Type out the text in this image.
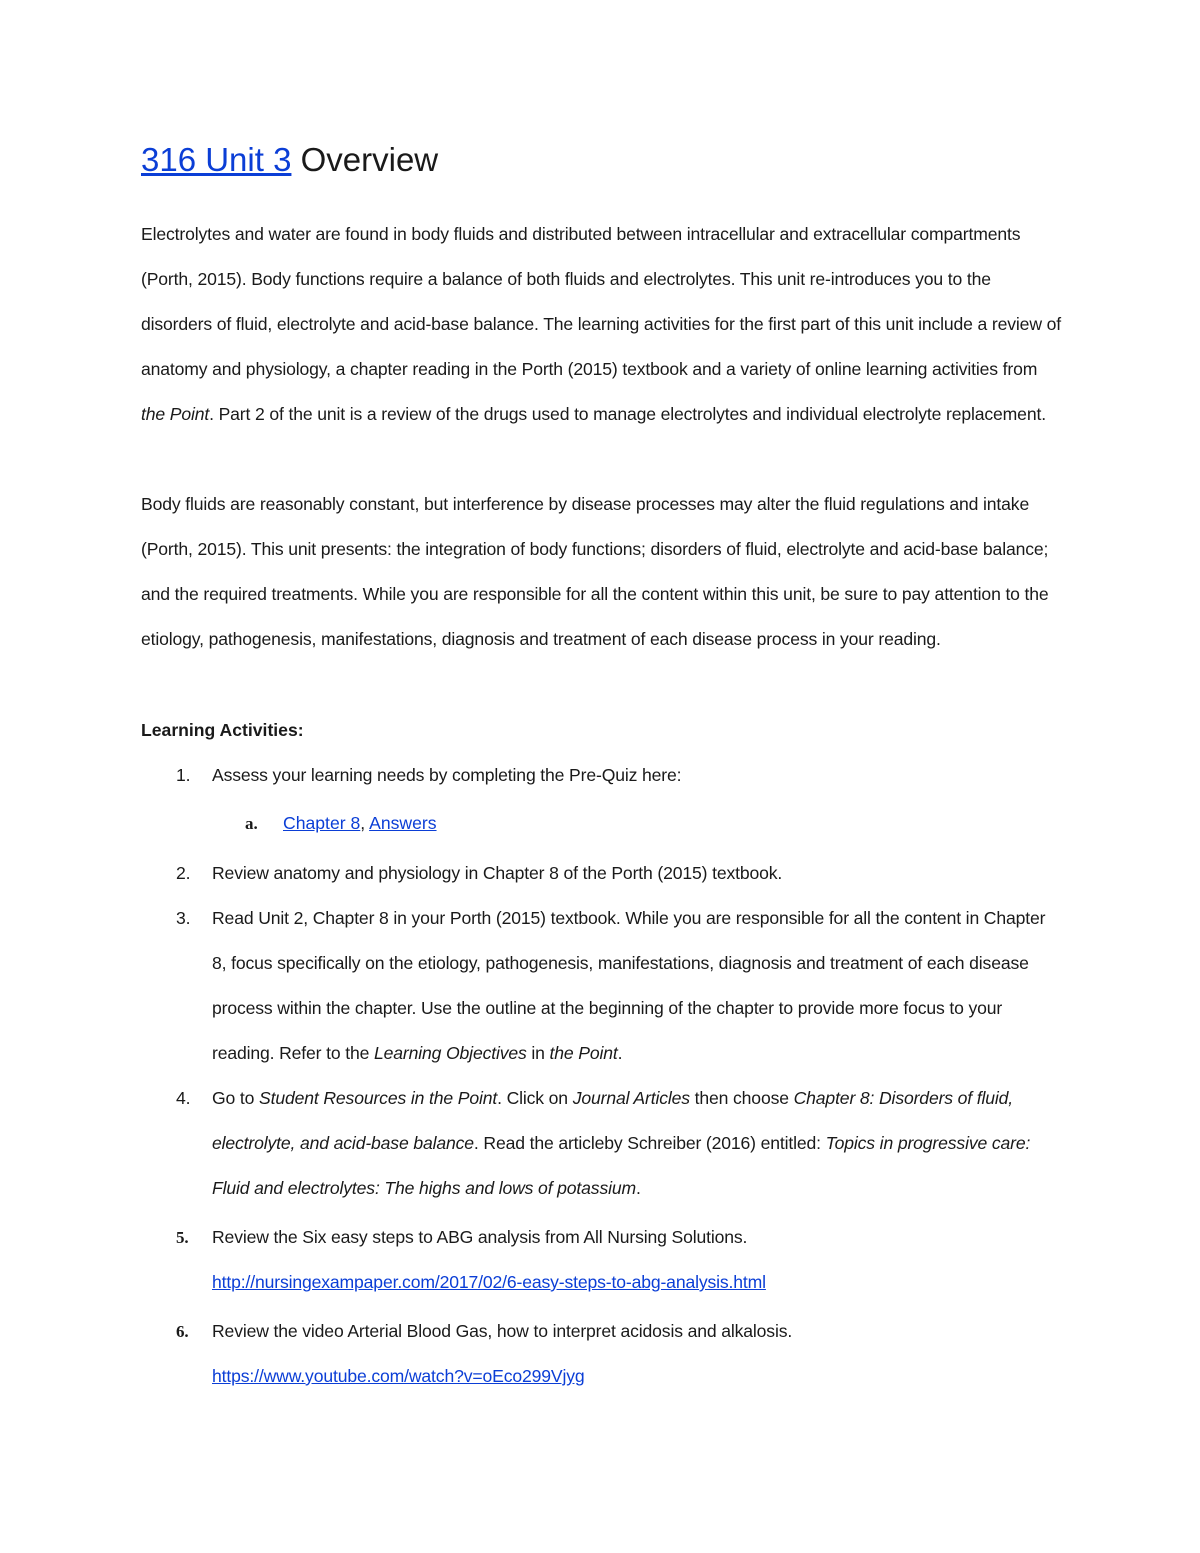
316 Unit 3 Overview

Electrolytes and water are found in body fluids and distributed between intracellular and extracellular compartments (Porth, 2015). Body functions require a balance of both fluids and electrolytes. This unit re-introduces you to the disorders of fluid, electrolyte and acid-base balance. The learning activities for the first part of this unit include a review of anatomy and physiology, a chapter reading in the Porth (2015) textbook and a variety of online learning activities from the Point. Part 2 of the unit is a review of the drugs used to manage electrolytes and individual electrolyte replacement.

Body fluids are reasonably constant, but interference by disease processes may alter the fluid regulations and intake (Porth, 2015). This unit presents: the integration of body functions; disorders of fluid, electrolyte and acid-base balance; and the required treatments. While you are responsible for all the content within this unit, be sure to pay attention to the etiology, pathogenesis, manifestations, diagnosis and treatment of each disease process in your reading.

Learning Activities:

1.	Assess your learning needs by completing the Pre-Quiz here:

a. Chapter 8, Answers
2.	Review anatomy and physiology in Chapter 8 of the Porth (2015) textbook.

3.	Read Unit 2, Chapter 8 in your Porth (2015) textbook. While you are responsible for all the content in Chapter 8, focus specifically on the etiology, pathogenesis, manifestations, diagnosis and treatment of each disease process within the chapter. Use the outline at the beginning of the chapter to provide more focus to your reading. Refer to the Learning Objectives in the Point.

4.	Go to Student Resources in the Point. Click on Journal Articles then choose Chapter 8: Disorders of fluid, electrolyte, and acid-base balance. Read the articleby Schreiber (2016) entitled: Topics in progressive care: Fluid and electrolytes: The highs and lows of potassium.

5.	Review the Six easy steps to ABG analysis from All Nursing Solutions.
http://nursingexampaper.com/2017/02/6-easy-steps-to-abg-analysis.html

6.	Review the video Arterial Blood Gas, how to interpret acidosis and alkalosis.
https://www.youtube.com/watch?v=oEco299Vjyg
